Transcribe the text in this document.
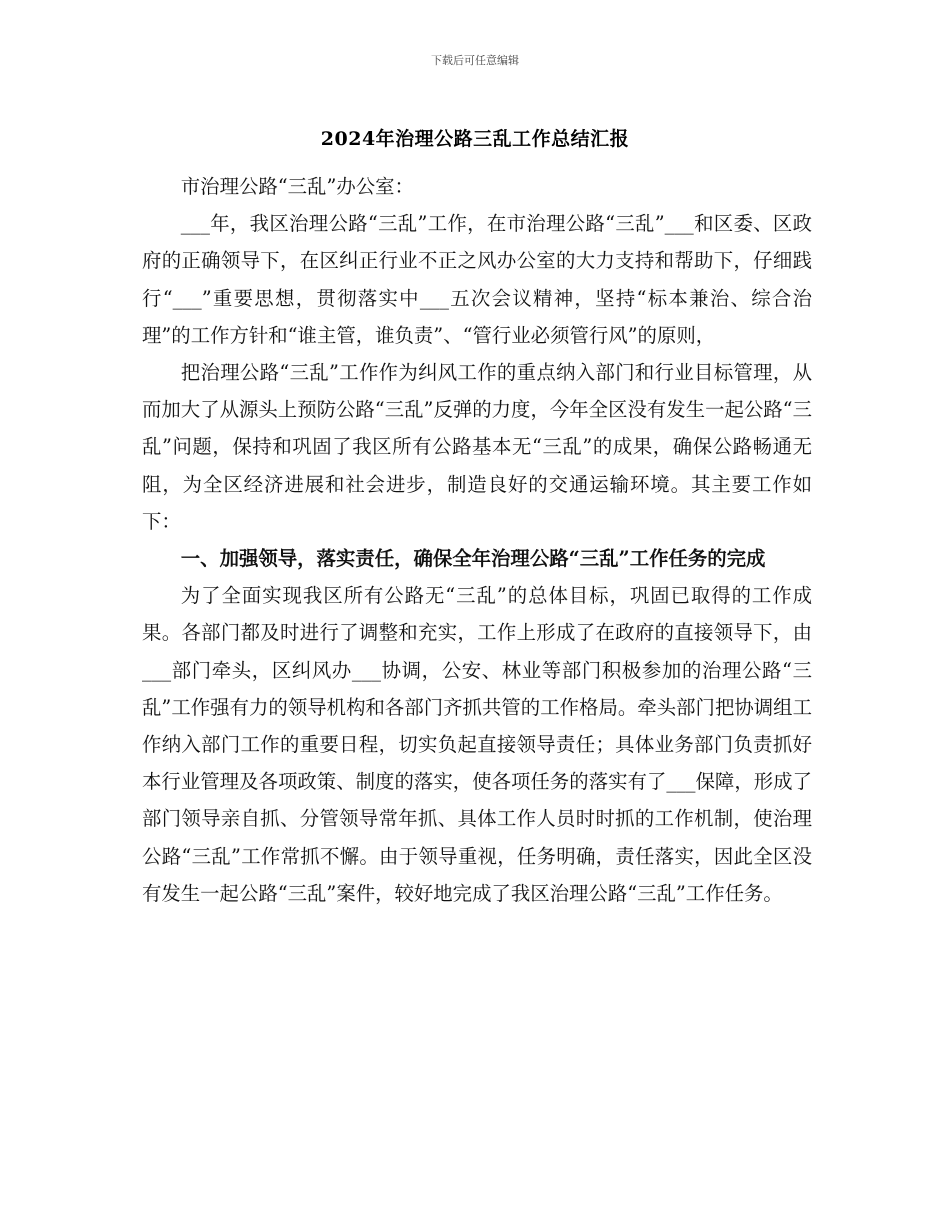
下载后可任意编辑
2024年治理公路三乱工作总结汇报

市治理公路“三乱”办公室：

___年，我区治理公路“三乱”工作，在市治理公路“三乱”___和区委、区政府的正确领导下，在区纠正行业不正之风办公室的大力支持和帮助下，仔细践行“___”重要思想，贯彻落实中___五次会议精神，坚持“标本兼治、综合治理”的工作方针和“谁主管，谁负责”、“管行业必须管行风”的原则，

把治理公路“三乱”工作作为纠风工作的重点纳入部门和行业目标管理，从而加大了从源头上预防公路“三乱”反弹的力度，今年全区没有发生一起公路“三乱”问题，保持和巩固了我区所有公路基本无“三乱”的成果，确保公路畅通无阻，为全区经济进展和社会进步，制造良好的交通运输环境。其主要工作如下：

一、加强领导，落实责任，确保全年治理公路“三乱”工作任务的完成

为了全面实现我区所有公路无“三乱”的总体目标，巩固已取得的工作成果。各部门都及时进行了调整和充实，工作上形成了在政府的直接领导下，由___部门牵头，区纠风办___协调，公安、林业等部门积极参加的治理公路“三乱”工作强有力的领导机构和各部门齐抓共管的工作格局。牵头部门把协调组工作纳入部门工作的重要日程，切实负起直接领导责任；具体业务部门负责抓好本行业管理及各项政策、制度的落实，使各项任务的落实有了___保障，形成了部门领导亲自抓、分管领导常年抓、具体工作人员时时抓的工作机制，使治理公路“三乱”工作常抓不懈。由于领导重视，任务明确，责任落实，因此全区没有发生一起公路“三乱”案件，较好地完成了我区治理公路“三乱”工作任务。
